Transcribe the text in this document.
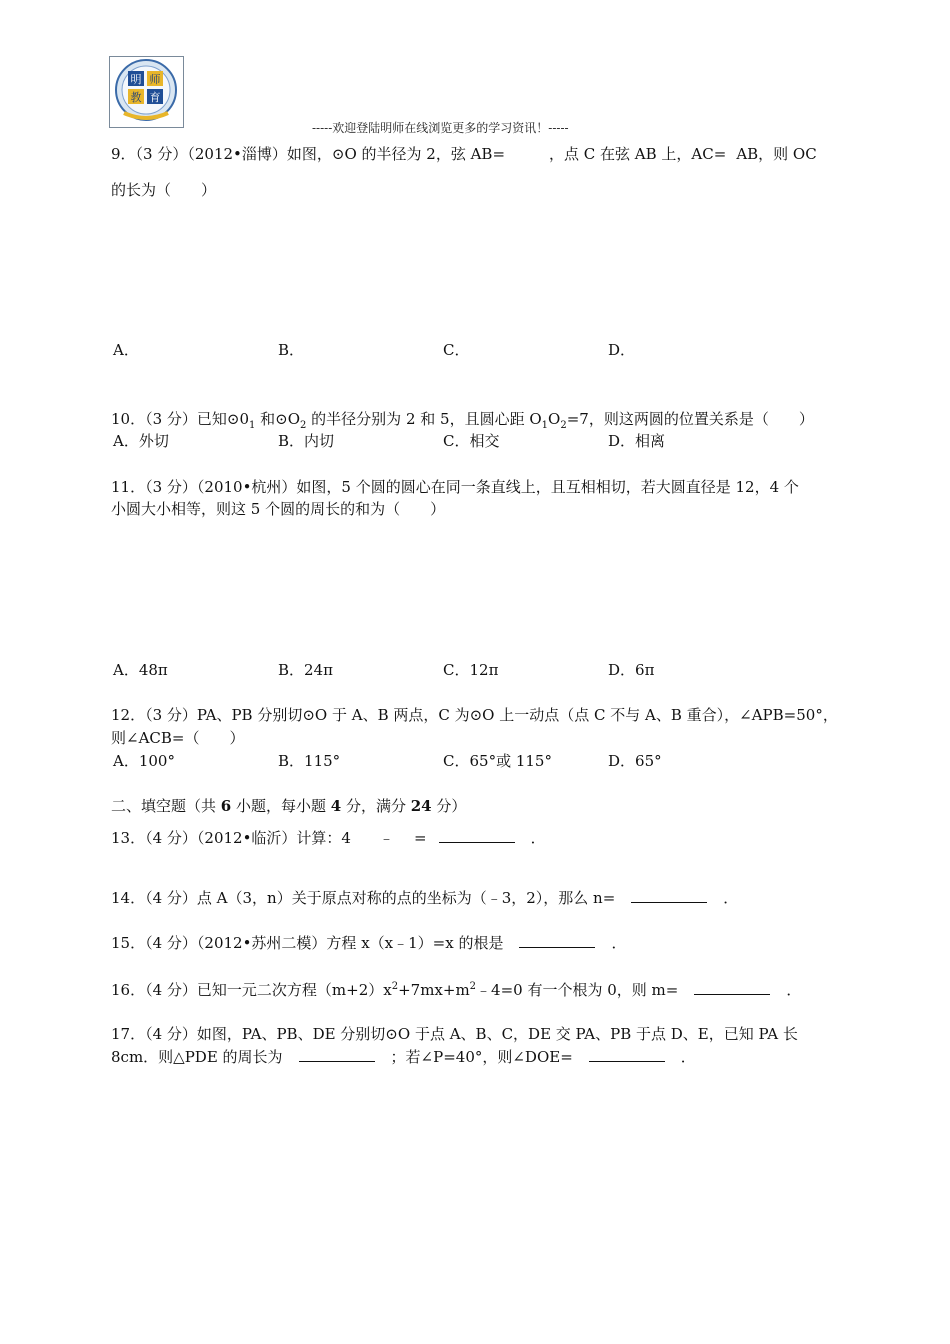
明 师
教 育
-----欢迎登陆明师在线浏览更多的学习资讯！-----
9．（3 分）（2012•淄博）如图，⊙O 的半径为 2，弦 AB=	，点 C 在弦 AB 上，AC= AB，则 OC
的长为（　　）
A．	B．	C．	D．
10．（3 分）已知$⊙0_1$ 和$⊙O_2$ 的半径分别为 2 和 5，且圆心距 $O_1O_2=7$，则这两圆的位置关系是（　　）
A．外切	B．内切	C．相交	D．相离
11．（3 分）（2010•杭州）如图，5 个圆的圆心在同一条直线上，且互相相切，若大圆直径是 12，4 个
小圆大小相等，则这 5 个圆的周长的和为（　　）
A．48π	B．24π	C．12π	D．6π
12．（3 分）PA、PB 分别切⊙O 于 A、B 两点，C 为⊙O 上一动点（点 C 不与 A、B 重合），∠APB=50°，
则∠ACB=（　　）
A．100°	B．115°	C．65°或 115°	D．65°
二、填空题（共 6 小题，每小题 4 分，满分 24 分）
13．（4 分）（2012•临沂）计算：4 ﹣ =	．
14．（4 分）点 A（3，n）关于原点对称的点的坐标为（﹣3，2），那么 n=	．
15．（4 分）（2012•苏州二模）方程 x（x﹣1）=x 的根是	．
16．（4 分）已知一元二次方程$(m+2)x^2+7mx+m^2﹣4=0$ 有一个根为 0，则 m=	．
17．（4 分）如图，PA、PB、DE 分别切⊙O 于点 A、B、C，DE 交 PA、PB 于点 D、E，已知 PA 长
8cm．则△PDE 的周长为	；若∠P=40°，则∠DOE=	．
